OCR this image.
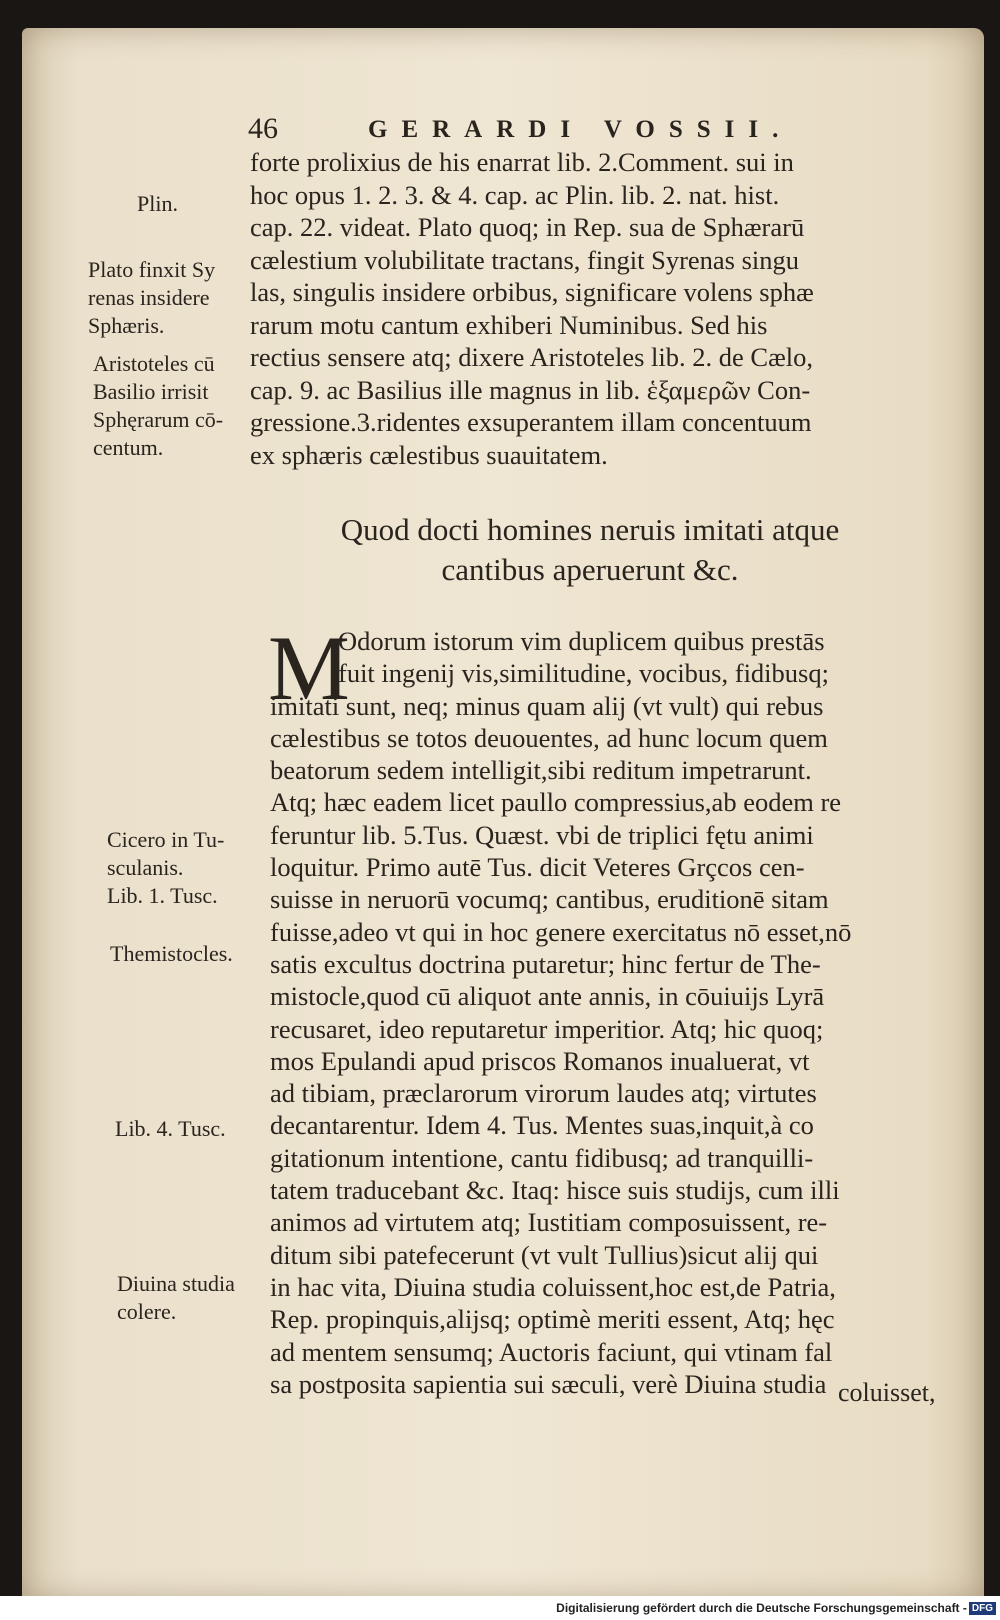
46	GERARDI VOSSII.
forte prolixius de his enarrat lib. 2.Comment. sui in
hoc opus 1. 2. 3. & 4. cap. ac Plin. lib. 2. nat. hist.
cap. 22. videat. Plato quoq; in Rep. sua de Sphærarū
cælestium volubilitate tractans, fingit Syrenas singu
las, singulis insidere orbibus, significare volens sphæ
rarum motu cantum exhiberi Numinibus. Sed his
rectius sensere atq; dixere Aristoteles lib. 2. de Cælo,
cap. 9. ac Basilius ille magnus in lib. ἑξαμερῶν Con-
gressione.3.ridentes exsuperantem illam concentuum
ex sphæris cælestibus suauitatem.
Quod docti homines neruis imitati atque
cantibus aperuerunt &c.
M
Odorum istorum vim duplicem quibus prestās
fuit ingenij vis,similitudine, vocibus, fidibusq;
imitati sunt, neq; minus quam alij (vt vult) qui rebus
cælestibus se totos deuouentes, ad hunc locum quem
beatorum sedem intelligit,sibi reditum impetrarunt.
Atq; hæc eadem licet paullo compressius,ab eodem re
feruntur lib. 5.Tus. Quæst. vbi de triplici fętu animi
loquitur. Primo autē Tus. dicit Veteres Grçcos cen-
suisse in neruorū vocumq; cantibus, eruditionē sitam
fuisse,adeo vt qui in hoc genere exercitatus nō esset,nō
satis excultus doctrina putaretur; hinc fertur de The-
mistocle,quod cū aliquot ante annis, in cōuiuijs Lyrā
recusaret, ideo reputaretur imperitior. Atq; hic quoq;
mos Epulandi apud priscos Romanos inualuerat, vt
ad tibiam, præclarorum virorum laudes atq; virtutes
decantarentur. Idem 4. Tus. Mentes suas,inquit,à co
gitationum intentione, cantu fidibusq; ad tranquilli-
tatem traducebant &c. Itaq: hisce suis studijs, cum illi
animos ad virtutem atq; Iustitiam composuissent, re-
ditum sibi patefecerunt (vt vult Tullius)sicut alij qui
in hac vita, Diuina studia coluissent,hoc est,de Patria,
Rep. propinquis,alijsq; optimè meriti essent, Atq; hęc
ad mentem sensumq; Auctoris faciunt, qui vtinam fal
sa postposita sapientia sui sæculi, verè Diuina studia coluisset,
Plin.
Plato finxit Sy
renas insidere
Sphæris.
Aristoteles cū
Basilio irrisit
Sphęrarum cō-
centum.
Cicero in Tu-
sculanis.
Lib. 1. Tusc.
Themistocles.
Lib. 4. Tusc.
Diuina studia
colere.
Digitalisierung gefördert durch die Deutsche Forschungsgemeinschaft - DFG
